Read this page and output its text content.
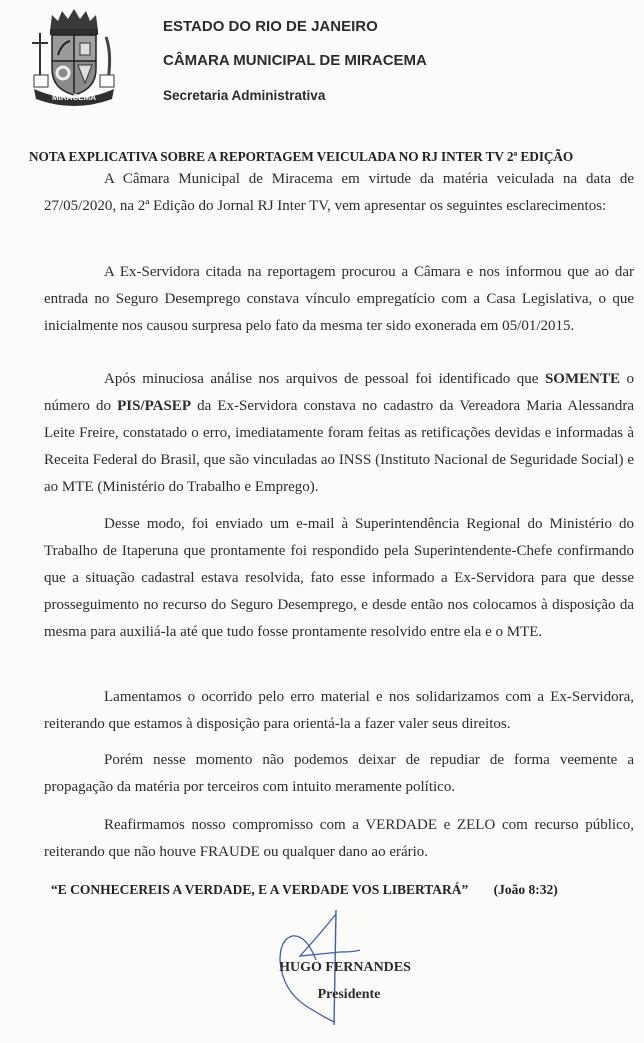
MIRACEMA
ESTADO DO RIO DE JANEIRO
CÂMARA MUNICIPAL DE MIRACEMA
Secretaria Administrativa
NOTA EXPLICATIVA SOBRE A REPORTAGEM VEICULADA NO RJ INTER TV 2ª EDIÇÃO

A Câmara Municipal de Miracema em virtude da matéria veiculada na data de 27/05/2020, na 2ª Edição do Jornal RJ Inter TV, vem apresentar os seguintes esclarecimentos:

A Ex-Servidora citada na reportagem procurou a Câmara e nos informou que ao dar entrada no Seguro Desemprego constava vínculo empregatício com a Casa Legislativa, o que inicialmente nos causou surpresa pelo fato da mesma ter sido exonerada em 05/01/2015.

Após minuciosa análise nos arquivos de pessoal foi identificado que SOMENTE o número do PIS/PASEP da Ex-Servidora constava no cadastro da Vereadora Maria Alessandra Leite Freire, constatado o erro, imediatamente foram feitas as retificações devidas e informadas à Receita Federal do Brasil, que são vinculadas ao INSS (Instituto Nacional de Seguridade Social) e ao MTE (Ministério do Trabalho e Emprego).

Desse modo, foi enviado um e-mail à Superintendência Regional do Ministério do Trabalho de Itaperuna que prontamente foi respondido pela Superintendente-Chefe confirmando que a situação cadastral estava resolvida, fato esse informado a Ex-Servidora para que desse prosseguimento no recurso do Seguro Desemprego, e desde então nos colocamos à disposição da mesma para auxiliá-la até que tudo fosse prontamente resolvido entre ela e o MTE.

Lamentamos o ocorrido pelo erro material e nos solidarizamos com a Ex-Servidora, reiterando que estamos à disposição para orientá-la a fazer valer seus direitos.

Porém nesse momento não podemos deixar de repudiar de forma veemente a propagação da matéria por terceiros com intuito meramente político.

Reafirmamos nosso compromisso com a VERDADE e ZELO com recurso público, reiterando que não houve FRAUDE ou qualquer dano ao erário.

“E CONHECEREIS A VERDADE, E A VERDADE VOS LIBERTARÁ” (João 8:32)
HUGO FERNANDES
Presidente
